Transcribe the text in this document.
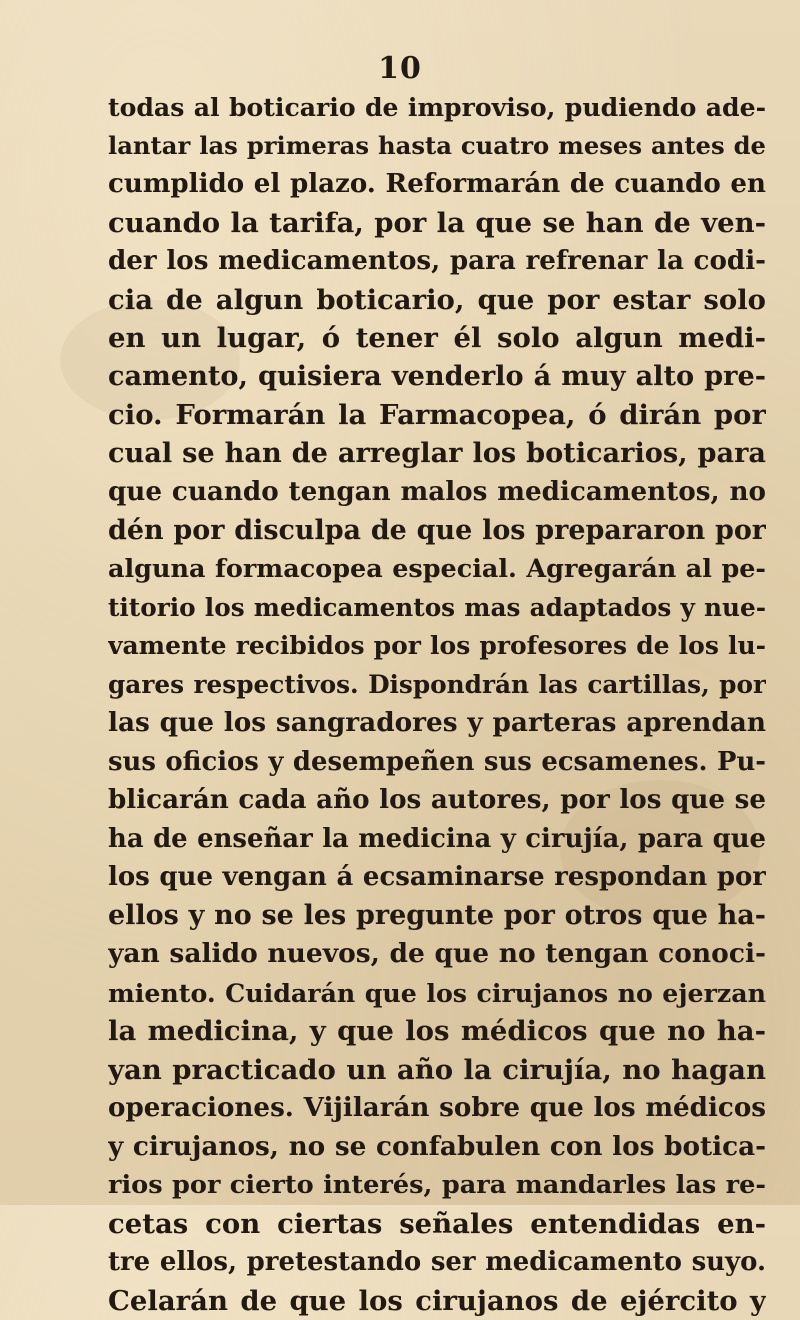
10
todas al boticario de improviso, pudiendo ade-
lantar las primeras hasta cuatro meses antes de
cumplido el plazo. Reformarán de cuando en
cuando la tarifa, por la que se han de ven-
der los medicamentos, para refrenar la codi-
cia de algun boticario, que por estar solo
en un lugar, ó tener él solo algun medi-
camento, quisiera venderlo á muy alto pre-
cio. Formarán la Farmacopea, ó dirán por
cual se han de arreglar los boticarios, para
que cuando tengan malos medicamentos, no
dén por disculpa de que los prepararon por
alguna formacopea especial. Agregarán al pe-
titorio los medicamentos mas adaptados y nue-
vamente recibidos por los profesores de los lu-
gares respectivos. Dispondrán las cartillas, por
las que los sangradores y parteras aprendan
sus oficios y desempeñen sus ecsamenes. Pu-
blicarán cada año los autores, por los que se
ha de enseñar la medicina y cirujía, para que
los que vengan á ecsaminarse respondan por
ellos y no se les pregunte por otros que ha-
yan salido nuevos, de que no tengan conoci-
miento. Cuidarán que los cirujanos no ejerzan
la medicina, y que los médicos que no ha-
yan practicado un año la cirujía, no hagan
operaciones. Vijilarán sobre que los médicos
y cirujanos, no se confabulen con los botica-
rios por cierto interés, para mandarles las re-
cetas con ciertas señales entendidas en-
tre ellos, pretestando ser medicamento suyo.
Celarán de que los cirujanos de ejército y
